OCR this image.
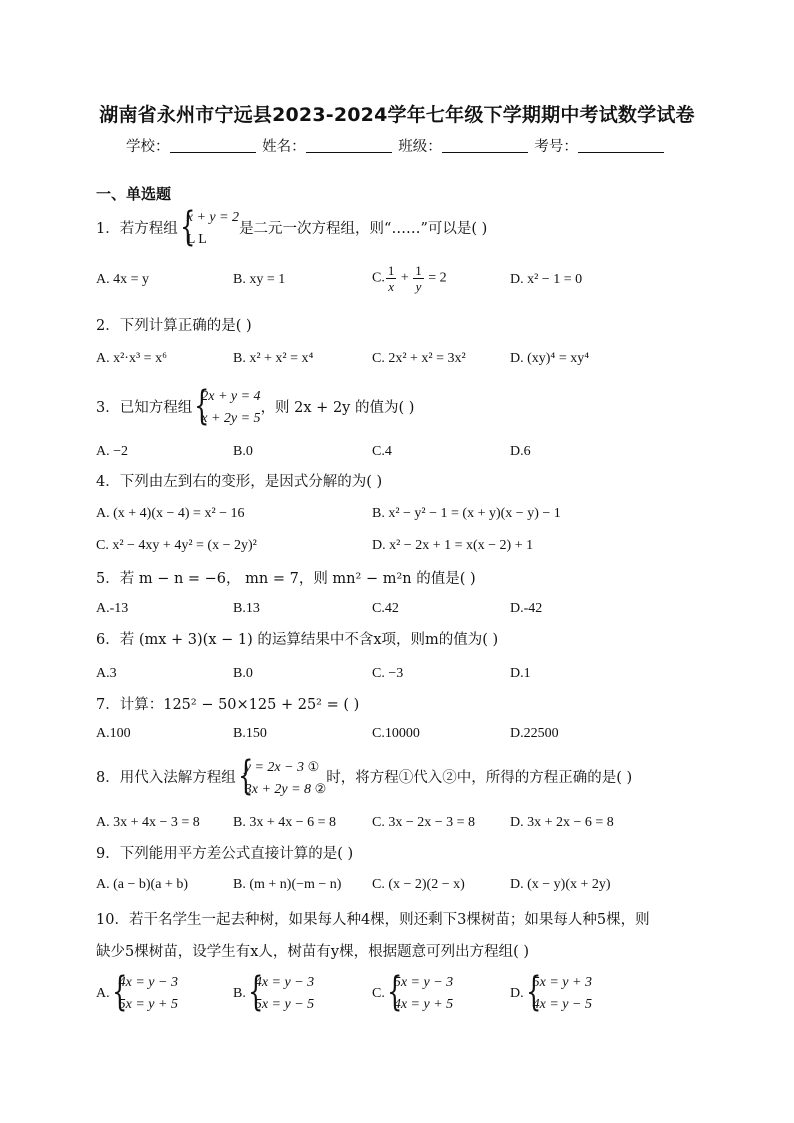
湖南省永州市宁远县2023-2024学年七年级下学期期中考试数学试卷
学校：	姓名：	班级：	考号：
一、单选题
1．若方程组
{ x + y = 2
L L
是二元一次方程组，则“……”可以是( )
A. 4x = y	B. xy = 1	C. $\frac{1}{x} + \frac{1}{y} = 2$	D. x² − 1 = 0
2．下列计算正确的是( )
A. x²·x³ = x⁶	B. x² + x² = x⁴	C. 2x² + x² = 3x²	D. (xy)⁴ = xy⁴
3．已知方程组
{ 2x + y = 4
x + 2y = 5
，则 2x + 2y 的值为( )
A. −2	B.0	C.4	D.6
4．下列由左到右的变形，是因式分解的为( )
A. (x + 4)(x − 4) = x² − 16	B. x² − y² − 1 = (x + y)(x − y) − 1
C. x² − 4xy + 4y² = (x − 2y)²	D. x² − 2x + 1 = x(x − 2) + 1
5．若 m − n = −6， mn = 7，则 mn² − m²n 的值是( )
A.-13	B.13	C.42	D.-42
6．若 (mx + 3)(x − 1) 的运算结果中不含x项，则m的值为( )
A.3	B.0	C. −3	D.1
7．计算：125² − 50×125 + 25² = ( )
A.100	B.150	C.10000	D.22500
8．用代入法解方程组
{ y = 2x − 3 ①
3x + 2y = 8 ②
时，将方程①代入②中，所得的方程正确的是( )
A. 3x + 4x − 3 = 8 B. 3x + 4x − 6 = 8	C. 3x − 2x − 3 = 8 D. 3x + 2x − 6 = 8
9．下列能用平方差公式直接计算的是( )
A. (a − b)(a + b)	B. (m + n)(−m − n) C. (x − 2)(2 − x)	D. (x − y)(x + 2y)
10．若干名学生一起去种树，如果每人种4棵，则还剩下3棵树苗；如果每人种5棵，则
缺少5棵树苗，设学生有x人，树苗有y棵，根据题意可列出方程组( )
A.
{ 4x = y − 3
5x = y + 5
B.
{ 4x = y − 3
5x = y − 5
C.
{ 5x = y − 3
4x = y + 5
D.
{ 5x = y + 3
4x = y − 5
